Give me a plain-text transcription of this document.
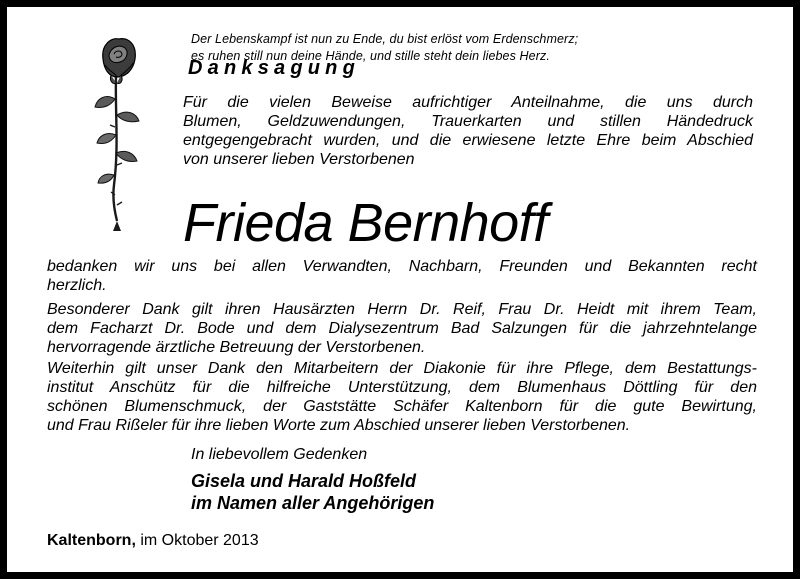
Der Lebenskampf ist nun zu Ende, du bist erlöst vom Erdenschmerz;

es ruhen still nun deine Hände, und stille steht dein liebes Herz.

Danksagung

Für die vielen Beweise aufrichtiger Anteilnahme, die uns durch
Blumen, Geldzuwendungen, Trauerkarten und stillen Händedruck
entgegengebracht wurden, und die erwiesene letzte Ehre beim Abschied
von unserer lieben Verstorbenen

Frieda Bernhoff

bedanken wir uns bei allen Verwandten, Nachbarn, Freunden und Bekannten recht
herzlich.
Besonderer Dank gilt ihren Hausärzten Herrn Dr. Reif, Frau Dr. Heidt mit ihrem Team,
dem Facharzt Dr. Bode und dem Dialysezentrum Bad Salzungen für die jahrzehntelange
hervorragende ärztliche Betreuung der Verstorbenen.
Weiterhin gilt unser Dank den Mitarbeitern der Diakonie für ihre Pflege, dem Bestattungs-
institut Anschütz für die hilfreiche Unterstützung, dem Blumenhaus Döttling für den
schönen Blumenschmuck, der Gaststätte Schäfer Kaltenborn für die gute Bewirtung,
und Frau Rißeler für ihre lieben Worte zum Abschied unserer lieben Verstorbenen.

In liebevollem Gedenken

Gisela und Harald Hoßfeld

im Namen aller Angehörigen

Kaltenborn, im Oktober 2013
